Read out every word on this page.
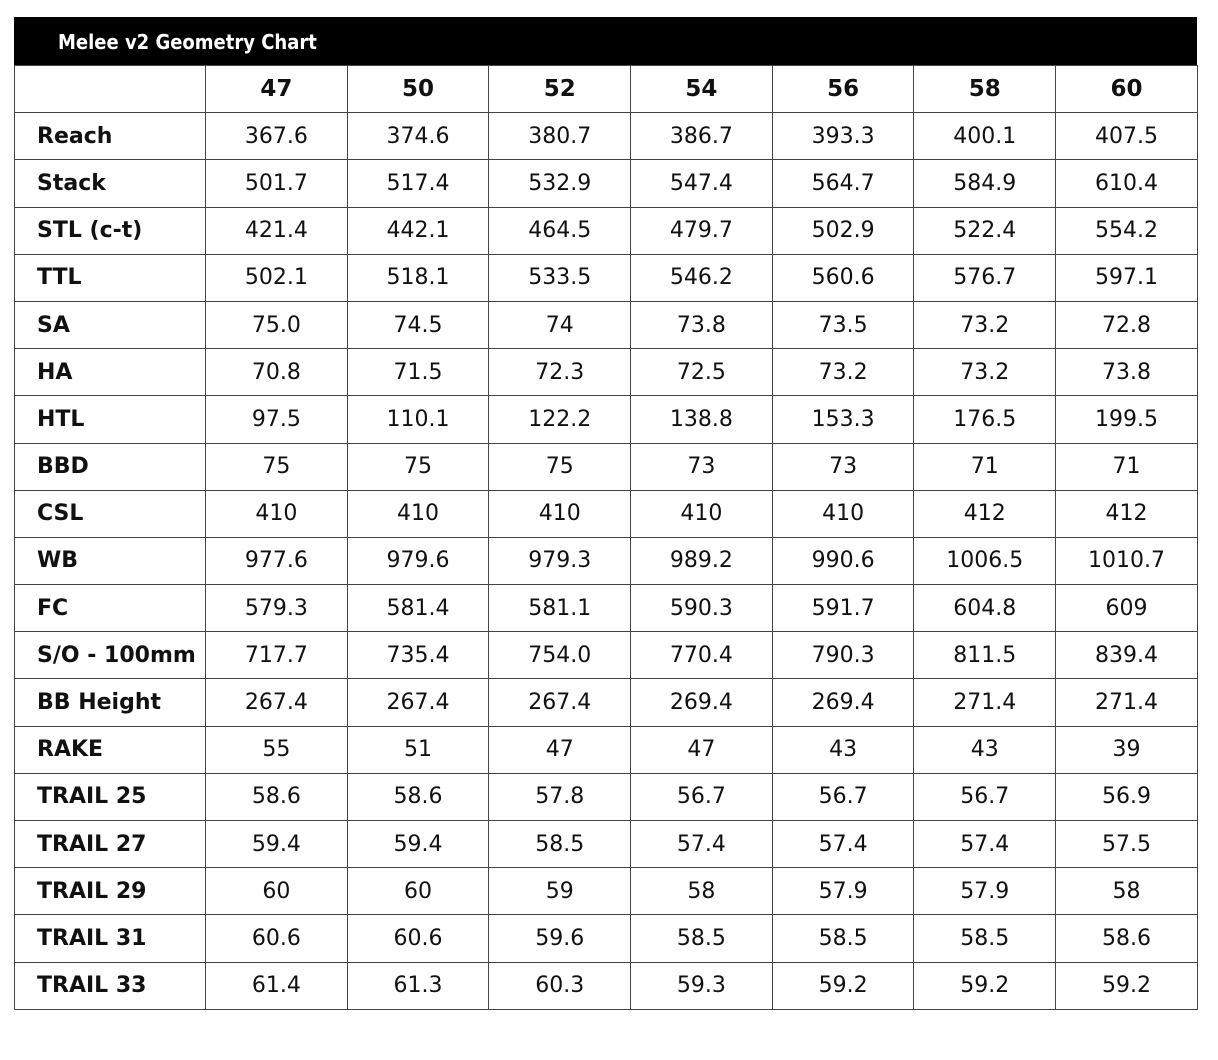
Melee v2 Geometry Chart
	47	50	52	54	56	58	60
Reach	367.6	374.6	380.7	386.7	393.3	400.1	407.5
Stack	501.7	517.4	532.9	547.4	564.7	584.9	610.4
STL (c-t)	421.4	442.1	464.5	479.7	502.9	522.4	554.2
TTL	502.1	518.1	533.5	546.2	560.6	576.7	597.1
SA	75.0	74.5	74	73.8	73.5	73.2	72.8
HA	70.8	71.5	72.3	72.5	73.2	73.2	73.8
HTL	97.5	110.1	122.2	138.8	153.3	176.5	199.5
BBD	75	75	75	73	73	71	71
CSL	410	410	410	410	410	412	412
WB	977.6	979.6	979.3	989.2	990.6	1006.5	1010.7
FC	579.3	581.4	581.1	590.3	591.7	604.8	609
S/O - 100mm	717.7	735.4	754.0	770.4	790.3	811.5	839.4
BB Height	267.4	267.4	267.4	269.4	269.4	271.4	271.4
RAKE	55	51	47	47	43	43	39
TRAIL 25	58.6	58.6	57.8	56.7	56.7	56.7	56.9
TRAIL 27	59.4	59.4	58.5	57.4	57.4	57.4	57.5
TRAIL 29	60	60	59	58	57.9	57.9	58
TRAIL 31	60.6	60.6	59.6	58.5	58.5	58.5	58.6
TRAIL 33	61.4	61.3	60.3	59.3	59.2	59.2	59.2
